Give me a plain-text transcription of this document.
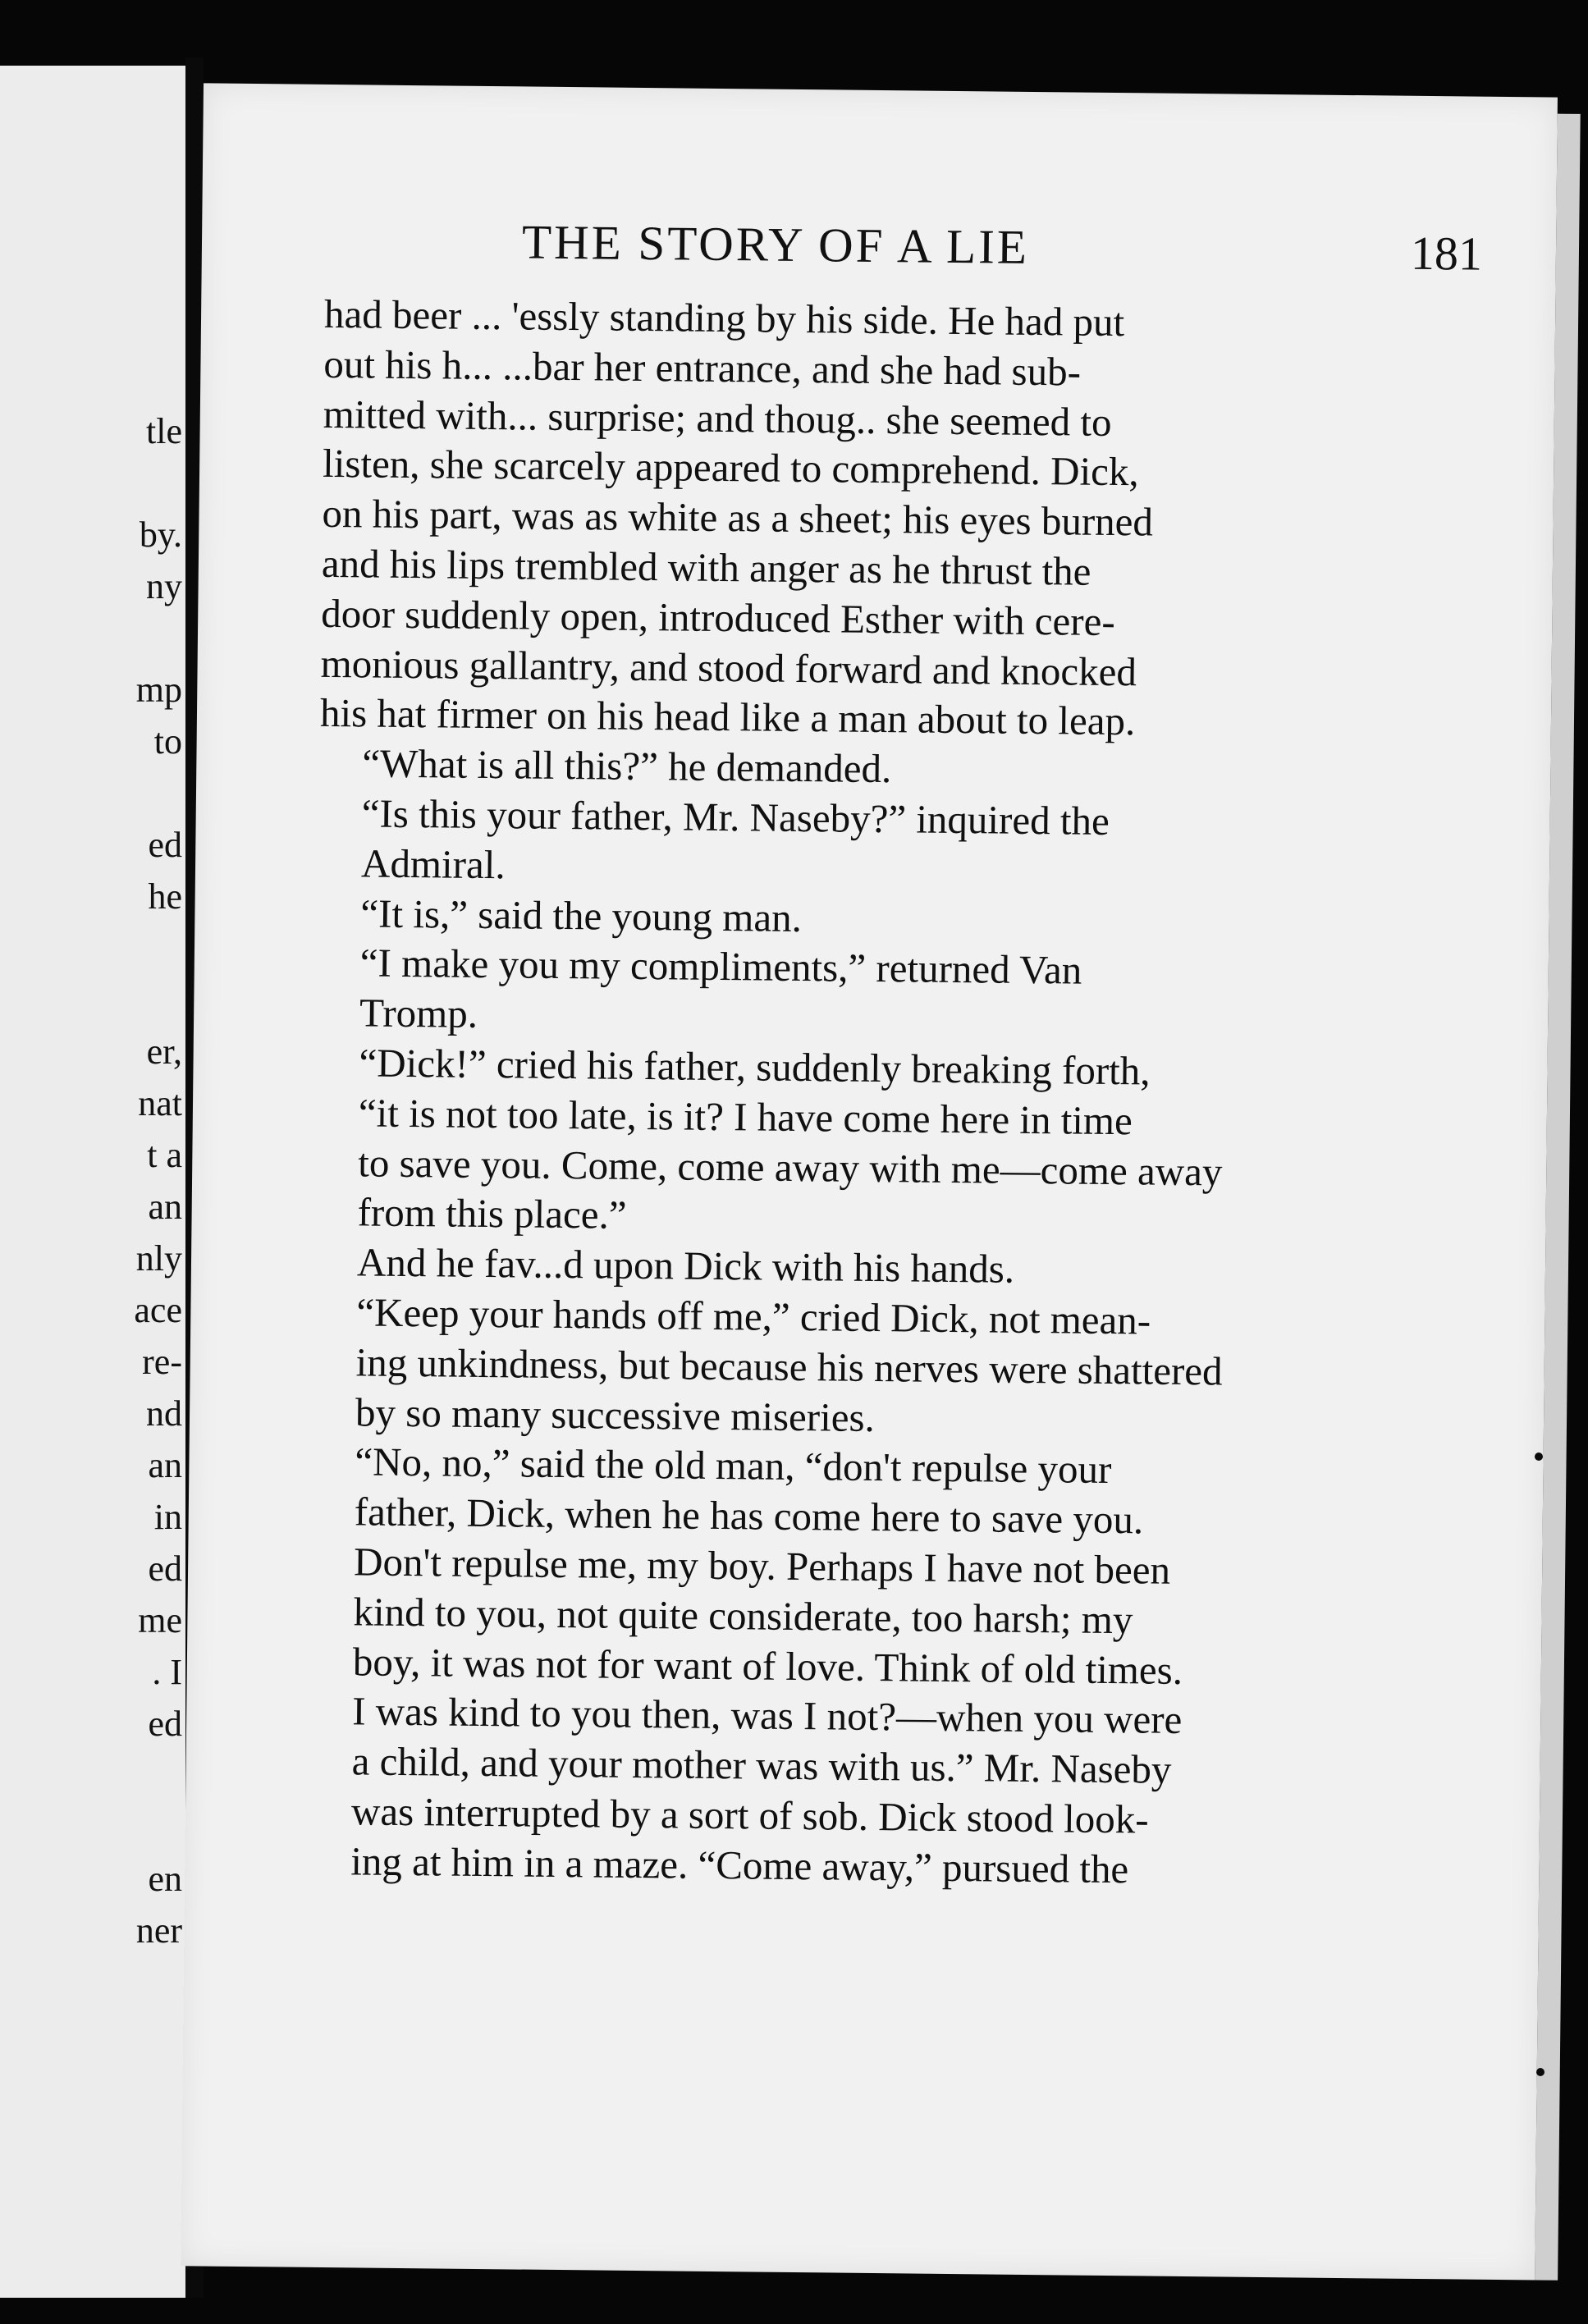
tle
by.
ny
mp
to
ed
he
er,
nat
t a
an
nly
ace
re-
nd
an
in
ed
me
. I
ed
en
ner
THE STORY OF A LIE	181

had beer ... 'essly standing by his side. He had put
out his h... ...bar her entrance, and she had sub-
mitted with... surprise; and thoug.. she seemed to
listen, she scarcely appeared to comprehend. Dick,
on his part, was as white as a sheet; his eyes burned
and his lips trembled with anger as he thrust the
door suddenly open, introduced Esther with cere-
monious gallantry, and stood forward and knocked
his hat firmer on his head like a man about to leap.

“What is all this?” he demanded.

“Is this your father, Mr. Naseby?” inquired the
Admiral.

“It is,” said the young man.

“I make you my compliments,” returned Van
Tromp.

“Dick!” cried his father, suddenly breaking forth,
“it is not too late, is it? I have come here in time
to save you. Come, come away with me—come away
from this place.”

And he fav...d upon Dick with his hands.

“Keep your hands off me,” cried Dick, not mean-
ing unkindness, but because his nerves were shattered
by so many successive miseries.

“No, no,” said the old man, “don't repulse your
father, Dick, when he has come here to save you.
Don't repulse me, my boy. Perhaps I have not been
kind to you, not quite considerate, too harsh; my
boy, it was not for want of love. Think of old times.
I was kind to you then, was I not?—when you were
a child, and your mother was with us.” Mr. Naseby
was interrupted by a sort of sob. Dick stood look-
ing at him in a maze. “Come away,” pursued the
